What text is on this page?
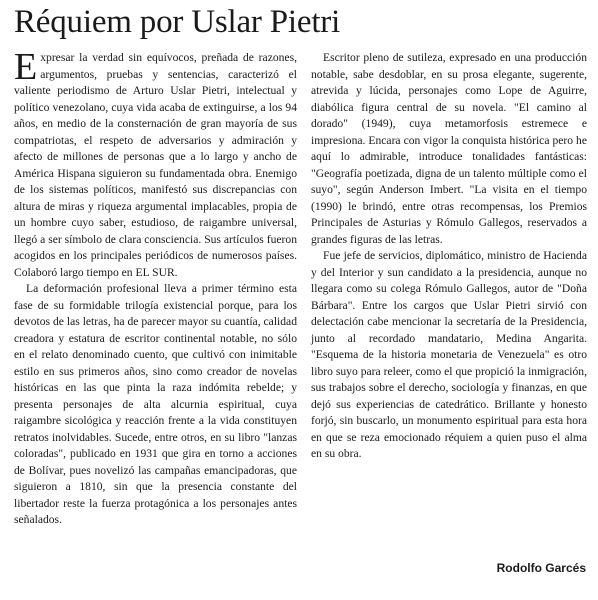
Réquiem por Uslar Pietri

Expresar la verdad sin equívocos, preñada de razones, argumentos, pruebas y sentencias, caracterizó el valiente periodismo de Arturo Uslar Pietri, intelectual y político venezolano, cuya vida acaba de extinguirse, a los 94 años, en medio de la consternación de gran mayoría de sus compatriotas, el respeto de adversarios y admiración y afecto de millones de personas que a lo largo y ancho de América Hispana siguieron su fundamentada obra. Enemigo de los sistemas políticos, manifestó sus discrepancias con altura de miras y riqueza argumental implacables, propia de un hombre cuyo saber, estudioso, de raigambre universal, llegó a ser símbolo de clara consciencia. Sus artículos fueron acogidos en los principales periódicos de numerosos países. Colaboró largo tiempo en EL SUR.

La deformación profesional lleva a primer término esta fase de su formidable trilogía existencial porque, para los devotos de las letras, ha de parecer mayor su cuantía, calidad creadora y estatura de escritor continental notable, no sólo en el relato denominado cuento, que cultivó con inimitable estilo en sus primeros años, sino como creador de novelas históricas en las que pinta la raza indómita rebelde; y presenta personajes de alta alcurnia espiritual, cuya raigambre sicológica y reacción frente a la vida constituyen retratos inolvidables. Sucede, entre otros, en su libro "lanzas coloradas", publicado en 1931 que gira en torno a acciones de Bolívar, pues novelizó las campañas emancipadoras, que siguieron a 1810, sin que la presencia constante del libertador reste la fuerza protagónica a los personajes antes señalados.

Escritor pleno de sutileza, expresado en una producción notable, sabe desdoblar, en su prosa elegante, sugerente, atrevida y lúcida, personajes como Lope de Aguirre, diabólica figura central de su novela. "El camino al dorado" (1949), cuya metamorfosis estremece e impresiona. Encara con vigor la conquista histórica pero he aquí lo admirable, introduce tonalidades fantásticas: "Geografía poetizada, digna de un talento múltiple como el suyo", según Anderson Imbert. "La visita en el tiempo (1990) le brindó, entre otras recompensas, los Premios Principales de Asturias y Rómulo Gallegos, reservados a grandes figuras de las letras.

Fue jefe de servicios, diplomático, ministro de Hacienda y del Interior y sun candidato a la presidencia, aunque no llegara como su colega Rómulo Gallegos, autor de "Doña Bárbara". Entre los cargos que Uslar Pietri sirvió con delectación cabe mencionar la secretaría de la Presidencia, junto al recordado mandatario, Medina Angarita. "Esquema de la historia monetaria de Venezuela" es otro libro suyo para releer, como el que propició la inmigración, sus trabajos sobre el derecho, sociología y finanzas, en que dejó sus experiencias de catedrático. Brillante y honesto forjó, sin buscarlo, un monumento espiritual para esta hora en que se reza emocionado réquiem a quien puso el alma en su obra.

Rodolfo Garcés
